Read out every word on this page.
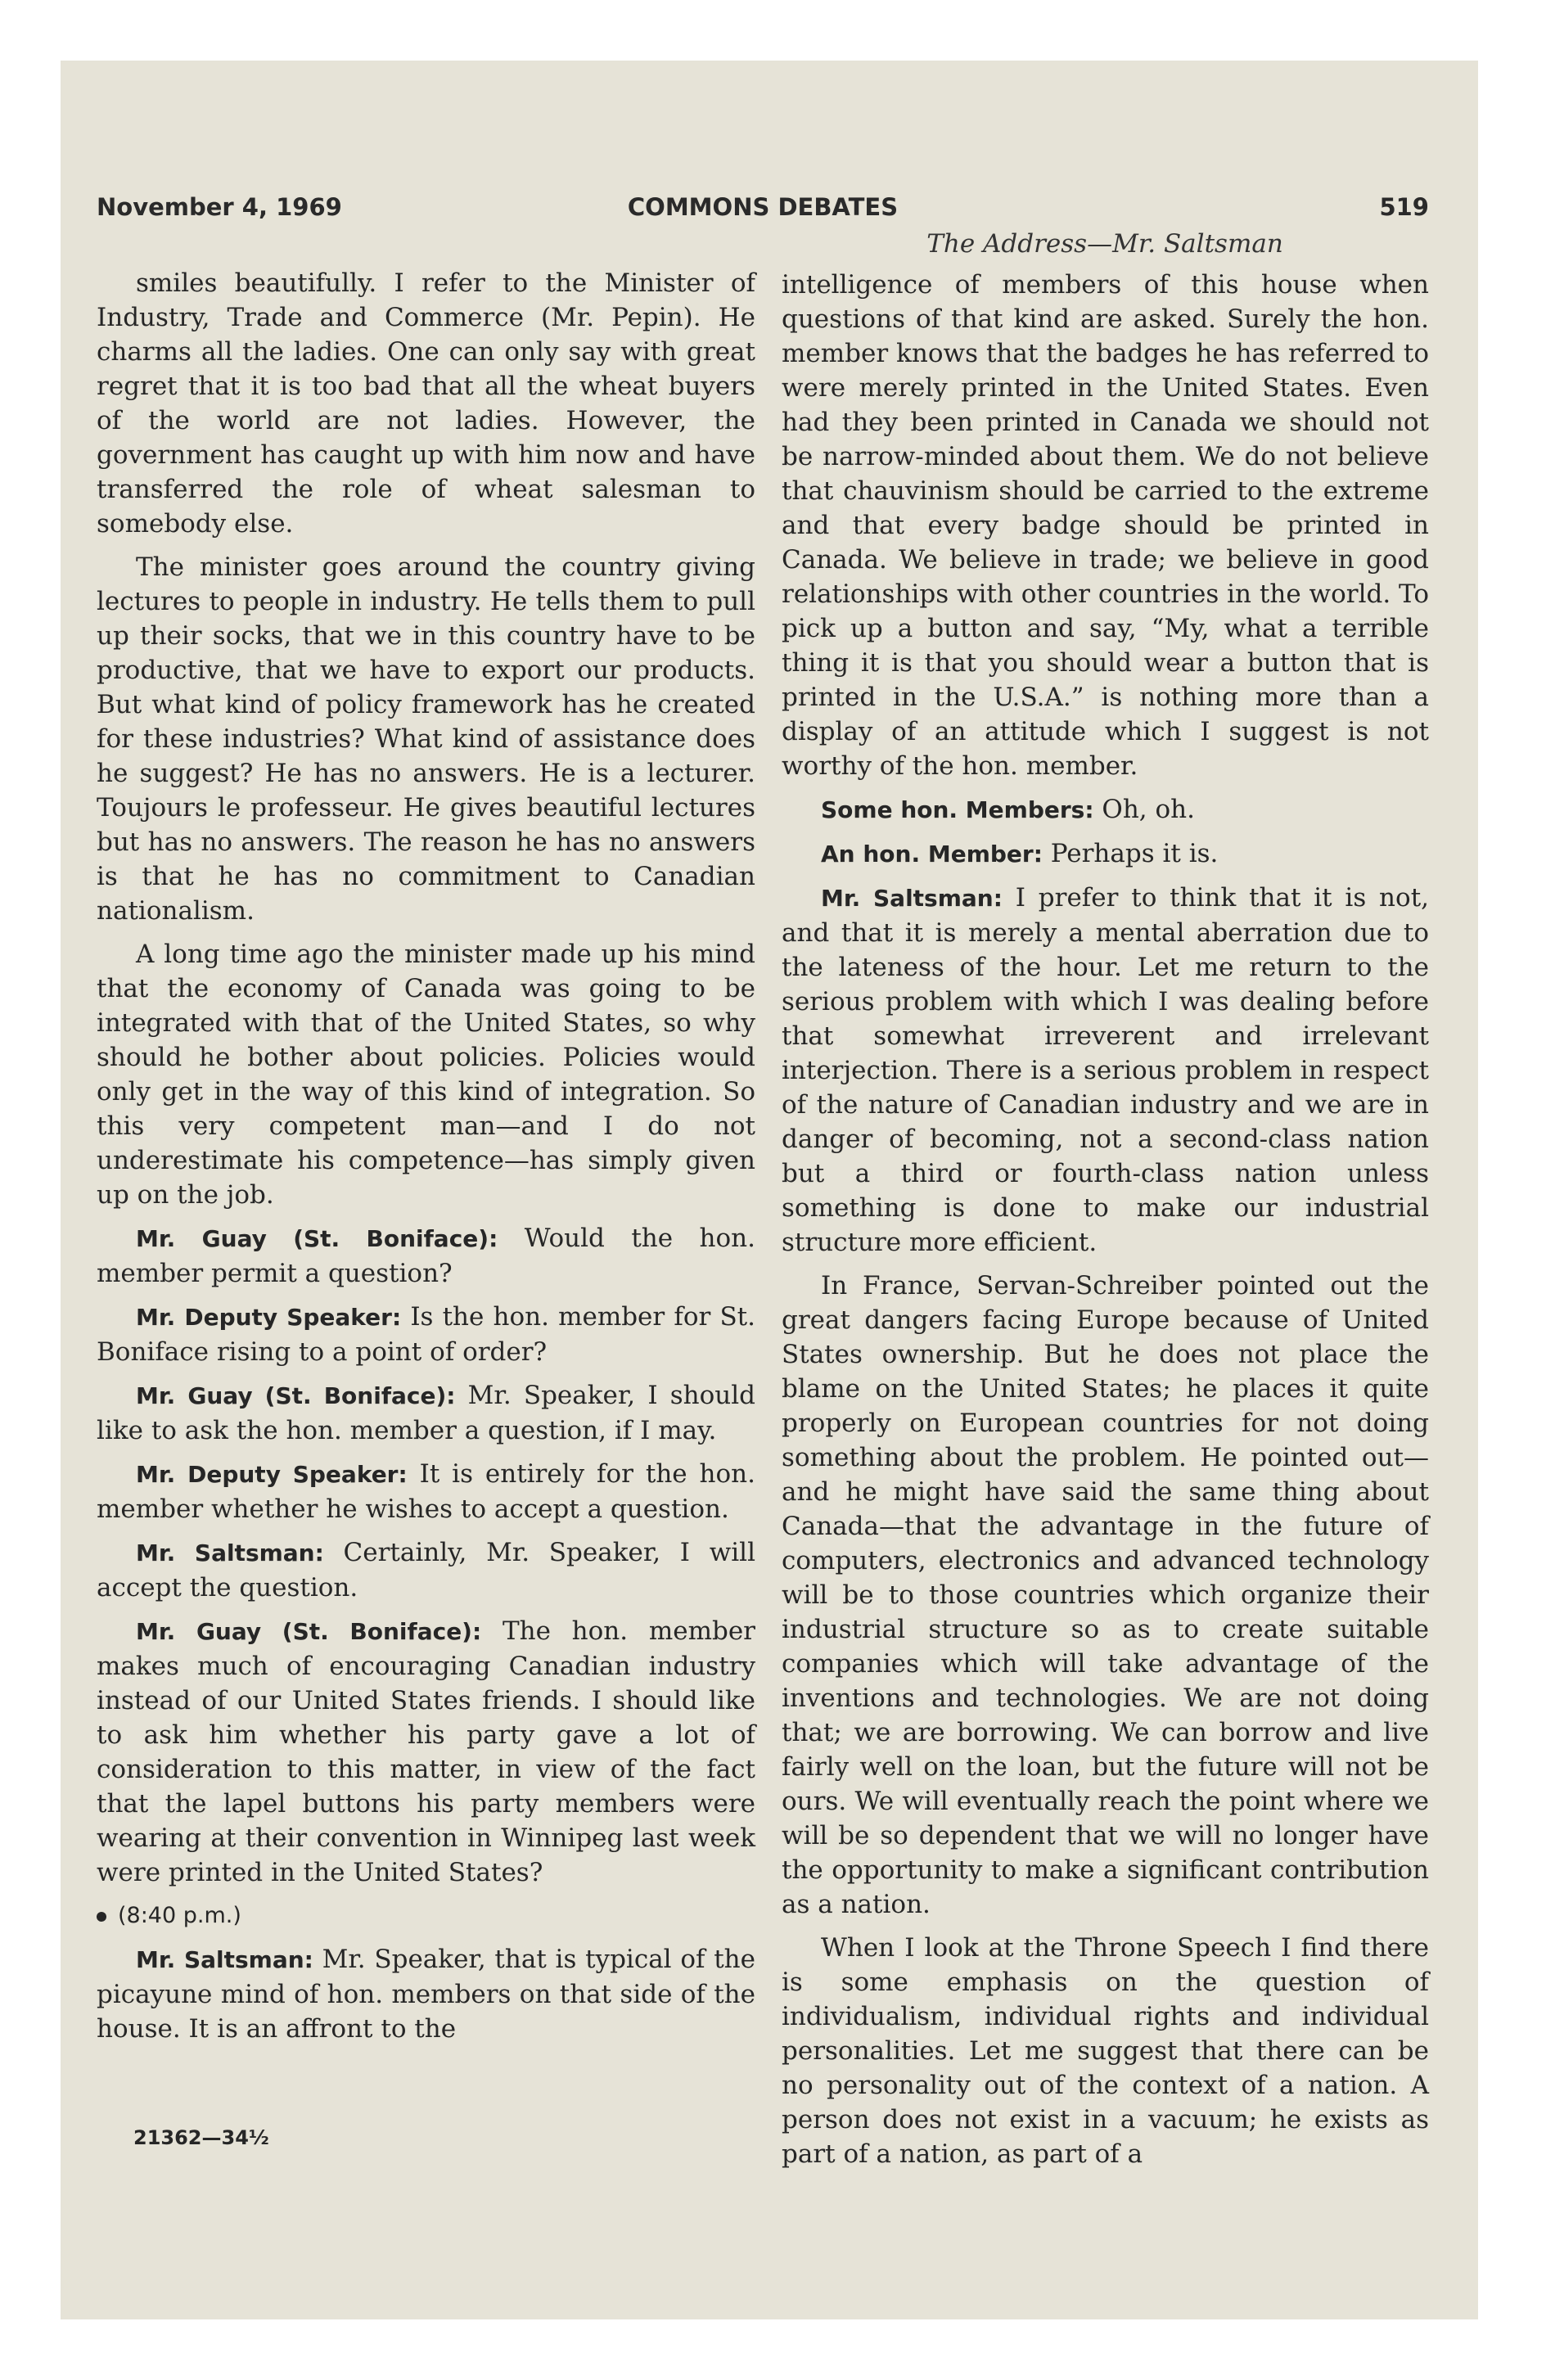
November 4, 1969	COMMONS DEBATES	519
The Address—Mr. Saltsman

smiles beautifully. I refer to the Minister of Industry, Trade and Commerce (Mr. Pepin). He charms all the ladies. One can only say with great regret that it is too bad that all the wheat buyers of the world are not ladies. However, the government has caught up with him now and have transferred the role of wheat salesman to somebody else.

The minister goes around the country giving lectures to people in industry. He tells them to pull up their socks, that we in this country have to be productive, that we have to export our products. But what kind of policy framework has he created for these industries? What kind of assistance does he suggest? He has no answers. He is a lecturer. Toujours le professeur. He gives beautiful lectures but has no answers. The reason he has no answers is that he has no commitment to Canadian nationalism.

A long time ago the minister made up his mind that the economy of Canada was going to be integrated with that of the United States, so why should he bother about policies. Policies would only get in the way of this kind of integration. So this very competent man—and I do not underestimate his competence—has simply given up on the job.

Mr. Guay (St. Boniface): Would the hon. member permit a question?

Mr. Deputy Speaker: Is the hon. member for St. Boniface rising to a point of order?

Mr. Guay (St. Boniface): Mr. Speaker, I should like to ask the hon. member a question, if I may.

Mr. Deputy Speaker: It is entirely for the hon. member whether he wishes to accept a question.

Mr. Saltsman: Certainly, Mr. Speaker, I will accept the question.

Mr. Guay (St. Boniface): The hon. member makes much of encouraging Canadian industry instead of our United States friends. I should like to ask him whether his party gave a lot of consideration to this matter, in view of the fact that the lapel buttons his party members were wearing at their convention in Winnipeg last week were printed in the United States?

(8:40 p.m.)

Mr. Saltsman: Mr. Speaker, that is typical of the picayune mind of hon. members on that side of the house. It is an affront to the

intelligence of members of this house when questions of that kind are asked. Surely the hon. member knows that the badges he has referred to were merely printed in the United States. Even had they been printed in Canada we should not be narrow-minded about them. We do not believe that chauvinism should be carried to the extreme and that every badge should be printed in Canada. We believe in trade; we believe in good relationships with other countries in the world. To pick up a button and say, “My, what a terrible thing it is that you should wear a button that is printed in the U.S.A.” is nothing more than a display of an attitude which I suggest is not worthy of the hon. member.

Some hon. Members: Oh, oh.

An hon. Member: Perhaps it is.

Mr. Saltsman: I prefer to think that it is not, and that it is merely a mental aberration due to the lateness of the hour. Let me return to the serious problem with which I was dealing before that somewhat irreverent and irrelevant interjection. There is a serious problem in respect of the nature of Canadian industry and we are in danger of becoming, not a second-class nation but a third or fourth-class nation unless something is done to make our industrial structure more efficient.

In France, Servan-Schreiber pointed out the great dangers facing Europe because of United States ownership. But he does not place the blame on the United States; he places it quite properly on European countries for not doing something about the problem. He pointed out—and he might have said the same thing about Canada—that the advantage in the future of computers, electronics and advanced technology will be to those countries which organize their industrial structure so as to create suitable companies which will take advantage of the inventions and technologies. We are not doing that; we are borrowing. We can borrow and live fairly well on the loan, but the future will not be ours. We will eventually reach the point where we will be so dependent that we will no longer have the opportunity to make a significant contribution as a nation.

When I look at the Throne Speech I find there is some emphasis on the question of individualism, individual rights and individual personalities. Let me suggest that there can be no personality out of the context of a nation. A person does not exist in a vacuum; he exists as part of a nation, as part of a

21362—34½
